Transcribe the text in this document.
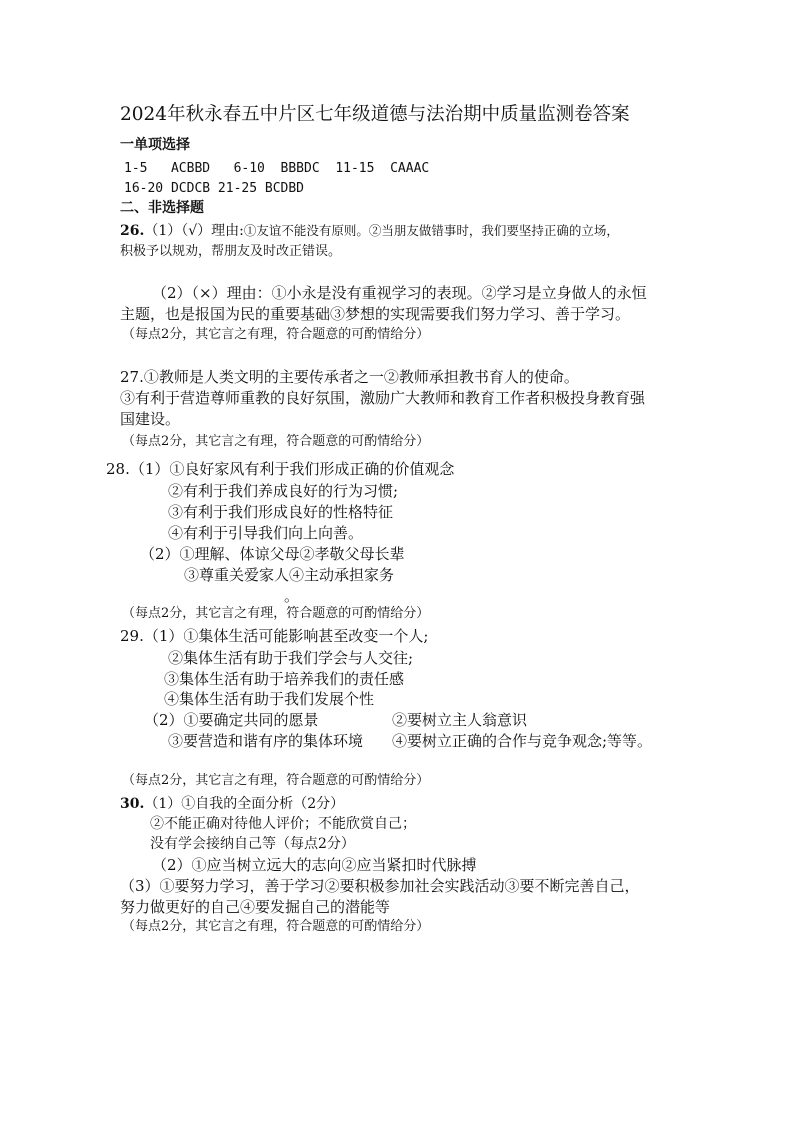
2024年秋永春五中片区七年级道德与法治期中质量监测卷答案
一单项选择
1-5   ACBBD   6-10  BBBDC  11-15  CAAAC
16-20 DCDCB 21-25 BCDBD
二、非选择题
26.（1）（√）理由:①友谊不能没有原则。②当朋友做错事时，我们要坚持正确的立场，
积极予以规劝，帮朋友及时改正错误。
（2）（×）理由：①小永是没有重视学习的表现。②学习是立身做人的永恒
主题，也是报国为民的重要基础③梦想的实现需要我们努力学习、善于学习。
（每点2分，其它言之有理，符合题意的可酌情给分）
27.①教师是人类文明的主要传承者之一②教师承担教书育人的使命。
③有利于营造尊师重教的良好氛围，激励广大教师和教育工作者积极投身教育强
国建设。
（每点2分，其它言之有理，符合题意的可酌情给分）
28.（1）①良好家风有利于我们形成正确的价值观念
②有利于我们养成良好的行为习惯;
③有利于我们形成良好的性格特征
④有利于引导我们向上向善。
（2）①理解、体谅父母②孝敬父母长辈
③尊重关爱家人④主动承担家务
。
（每点2分，其它言之有理，符合题意的可酌情给分）
29.（1）①集体生活可能影响甚至改变一个人;
②集体生活有助于我们学会与人交往;
③集体生活有助于培养我们的责任感
④集体生活有助于我们发展个性
（2）①要确定共同的愿景	②要树立主人翁意识
③要营造和谐有序的集体环境 ④要树立正确的合作与竞争观念;等等。
（每点2分，其它言之有理，符合题意的可酌情给分）
30.（1）①自我的全面分析（2分）
②不能正确对待他人评价；不能欣赏自己；
没有学会接纳自己等（每点2分）
（2）①应当树立远大的志向②应当紧扣时代脉搏
（3）①要努力学习，善于学习②要积极参加社会实践活动③要不断完善自己，
努力做更好的自己④要发掘自己的潜能等
（每点2分，其它言之有理，符合题意的可酌情给分）
